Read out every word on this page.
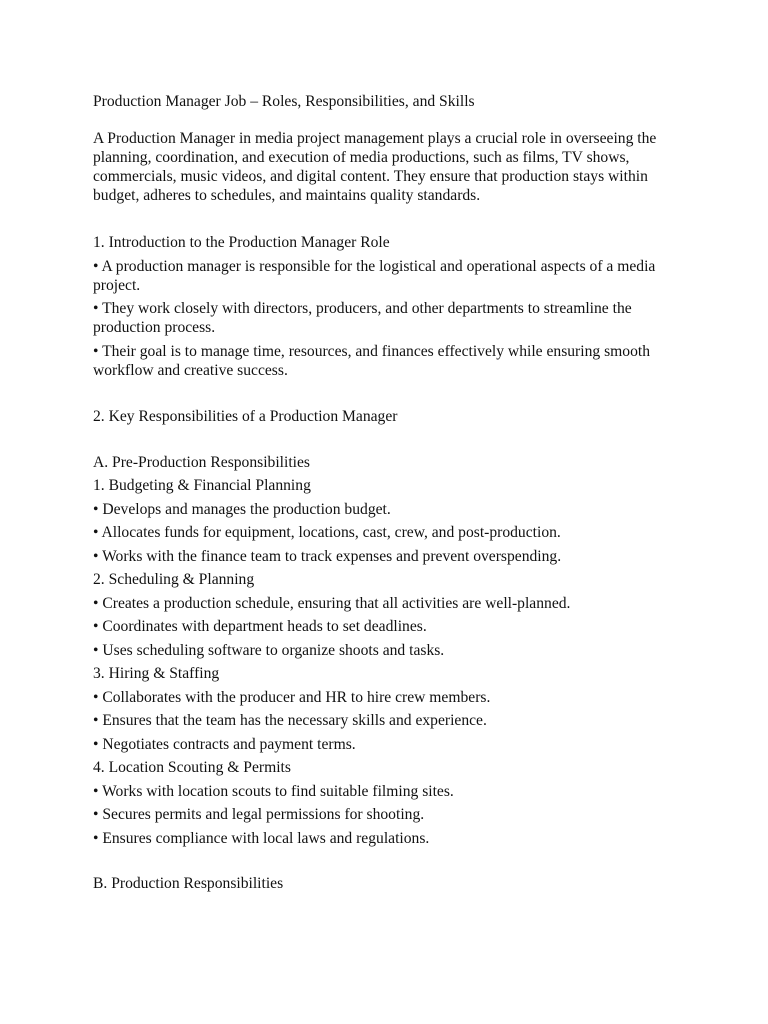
Production Manager Job – Roles, Responsibilities, and Skills

A Production Manager in media project management plays a crucial role in overseeing the planning, coordination, and execution of media productions, such as films, TV shows, commercials, music videos, and digital content. They ensure that production stays within budget, adheres to schedules, and maintains quality standards.

1. Introduction to the Production Manager Role

• A production manager is responsible for the logistical and operational aspects of a media project.

• They work closely with directors, producers, and other departments to streamline the production process.

• Their goal is to manage time, resources, and finances effectively while ensuring smooth workflow and creative success.

2. Key Responsibilities of a Production Manager

A. Pre-Production Responsibilities

1. Budgeting & Financial Planning

• Develops and manages the production budget.

• Allocates funds for equipment, locations, cast, crew, and post-production.

• Works with the finance team to track expenses and prevent overspending.

2. Scheduling & Planning

• Creates a production schedule, ensuring that all activities are well-planned.

• Coordinates with department heads to set deadlines.

• Uses scheduling software to organize shoots and tasks.

3. Hiring & Staffing

• Collaborates with the producer and HR to hire crew members.

• Ensures that the team has the necessary skills and experience.

• Negotiates contracts and payment terms.

4. Location Scouting & Permits

• Works with location scouts to find suitable filming sites.

• Secures permits and legal permissions for shooting.

• Ensures compliance with local laws and regulations.

B. Production Responsibilities
